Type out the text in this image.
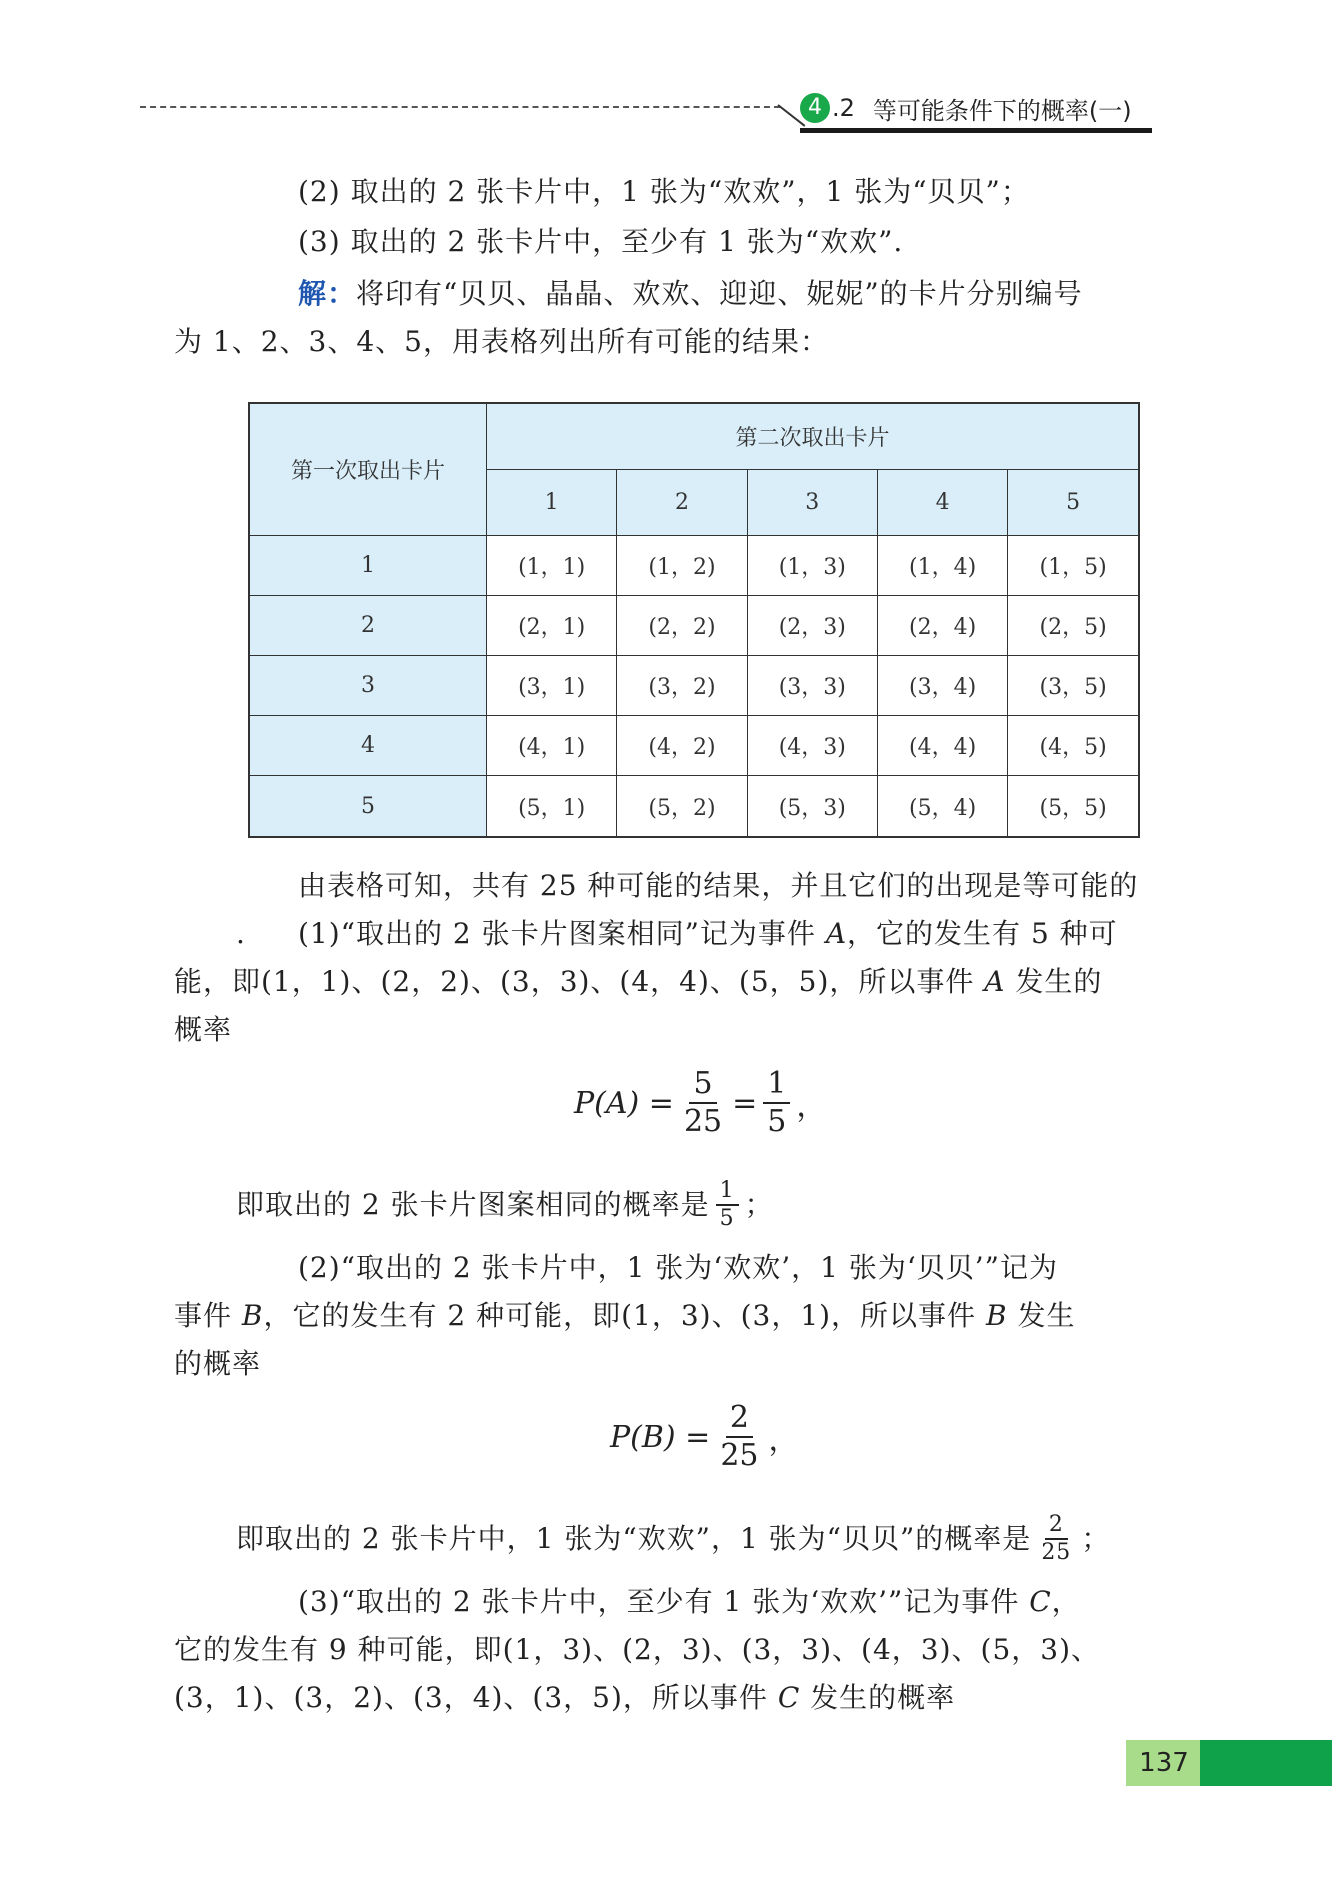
4 .2 等可能条件下的概率(一)
(2) 取出的 2 张卡片中，1 张为“欢欢”，1 张为“贝贝”；
(3) 取出的 2 张卡片中，至少有 1 张为“欢欢”.
解：将印有“贝贝、晶晶、欢欢、迎迎、妮妮”的卡片分别编号
为 1、2、3、4、5，用表格列出所有可能的结果：
第一次取出卡片	第二次取出卡片				
	1	2	3	4	5
1	(1，1)	(1，2)	(1，3)	(1，4)	(1，5)
2	(2，1)	(2，2)	(2，3)	(2，4)	(2，5)
3	(3，1)	(3，2)	(3，3)	(3，4)	(3，5)
4	(4，1)	(4，2)	(4，3)	(4，4)	(4，5)
5	(5，1)	(5，2)	(5，3)	(5，4)	(5，5)
由表格可知，共有 25 种可能的结果，并且它们的出现是等可能的 .	(1)“取出的 2 张卡片图案相同”记为事件 A，它的发生有 5 种可
能，即(1，1)、(2，2)、(3，3)、(4，4)、(5，5)，所以事件 A 发生的
概率
$P(A) = \frac{5}{25} = \frac{1}{5}$ ，
即取出的 2 张卡片图案相同的概率是 $\frac{1}{5}$ ；
(2)“取出的 2 张卡片中，1 张为‘欢欢’，1 张为‘贝贝’”记为
事件 B，它的发生有 2 种可能，即(1，3)、(3，1)，所以事件 B 发生
的概率
$P(B) = \frac{2}{25}$ ，
即取出的 2 张卡片中，1 张为“欢欢”，1 张为“贝贝”的概率是 $\frac{2}{25}$ ；
(3)“取出的 2 张卡片中，至少有 1 张为‘欢欢’”记为事件 C，
它的发生有 9 种可能，即(1，3)、(2，3)、(3，3)、(4，3)、(5，3)、
(3，1)、(3，2)、(3，4)、(3，5)，所以事件 C 发生的概率
137
